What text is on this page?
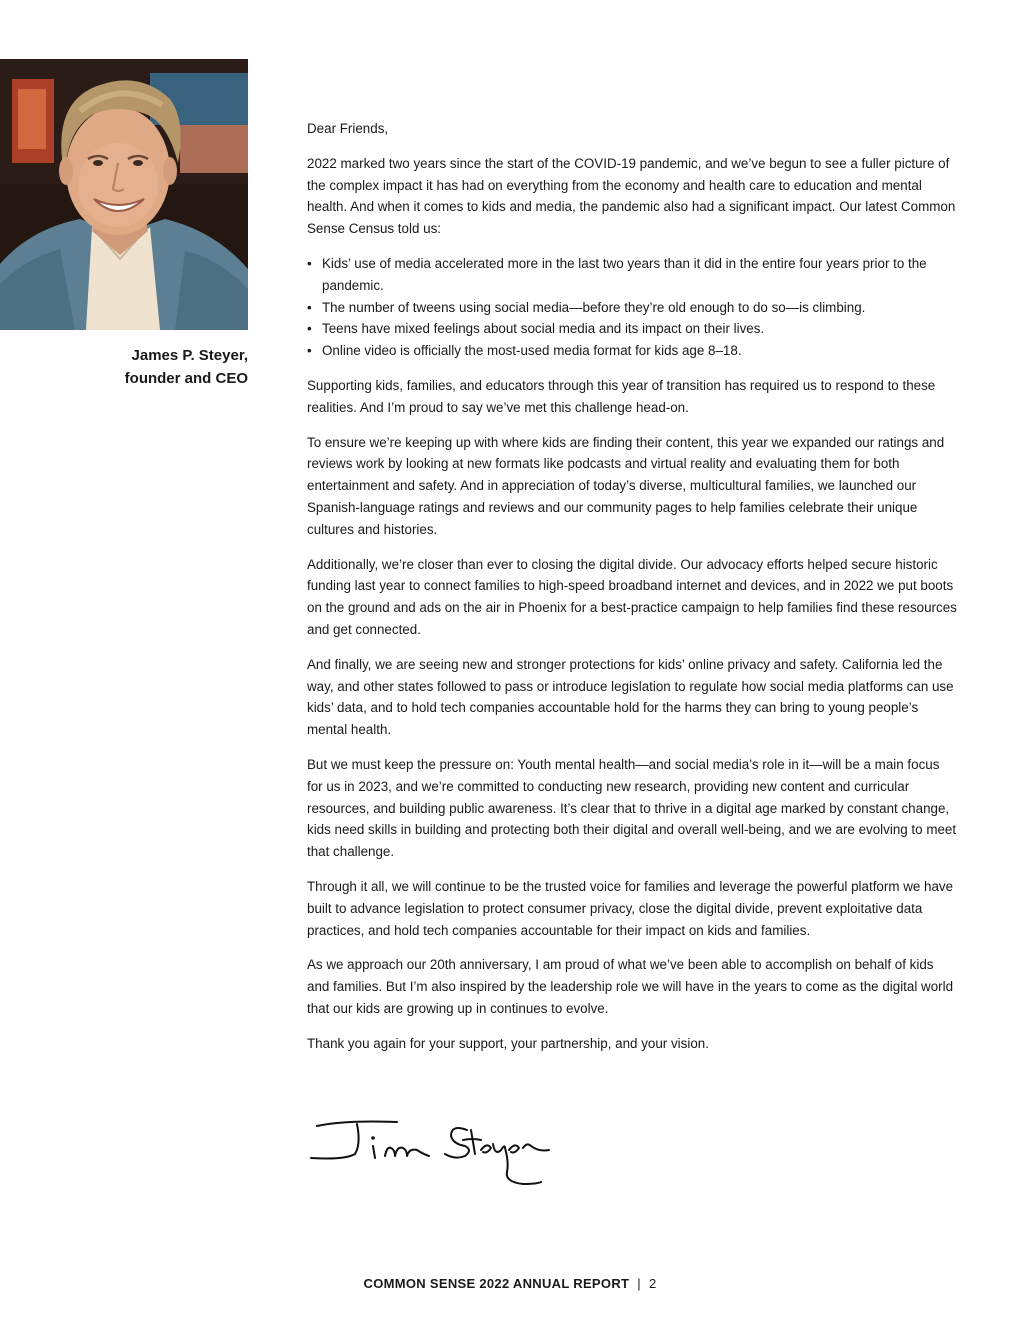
James P. Steyer,
founder and CEO

Dear Friends,

2022 marked two years since the start of the COVID-19 pandemic, and we’ve begun to see a fuller picture of the complex impact it has had on everything from the economy and health care to education and mental health. And when it comes to kids and media, the pandemic also had a significant impact. Our latest Common Sense Census told us:

• Kids’ use of media accelerated more in the last two years than it did in the entire four years prior to the pandemic.
• The number of tweens using social media—before they’re old enough to do so—is climbing.
• Teens have mixed feelings about social media and its impact on their lives.
• Online video is officially the most-used media format for kids age 8–18.

Supporting kids, families, and educators through this year of transition has required us to respond to these realities. And I’m proud to say we’ve met this challenge head-on.

To ensure we’re keeping up with where kids are finding their content, this year we expanded our ratings and reviews work by looking at new formats like podcasts and virtual reality and evaluating them for both entertainment and safety. And in appreciation of today’s diverse, multicultural families, we launched our Spanish-language ratings and reviews and our community pages to help families celebrate their unique cultures and histories.

Additionally, we’re closer than ever to closing the digital divide. Our advocacy efforts helped secure historic funding last year to connect families to high-speed broadband internet and devices, and in 2022 we put boots on the ground and ads on the air in Phoenix for a best-practice campaign to help families find these resources and get connected.

And finally, we are seeing new and stronger protections for kids’ online privacy and safety. California led the way, and other states followed to pass or introduce legislation to regulate how social media platforms can use kids’ data, and to hold tech companies accountable hold for the harms they can bring to young people’s mental health.

But we must keep the pressure on: Youth mental health—and social media’s role in it—will be a main focus for us in 2023, and we’re committed to conducting new research, providing new content and curricular resources, and building public awareness. It’s clear that to thrive in a digital age marked by constant change, kids need skills in building and protecting both their digital and overall well-being, and we are evolving to meet that challenge.

Through it all, we will continue to be the trusted voice for families and leverage the powerful platform we have built to advance legislation to protect consumer privacy, close the digital divide, prevent exploitative data practices, and hold tech companies accountable for their impact on kids and families.

As we approach our 20th anniversary, I am proud of what we’ve been able to accomplish on behalf of kids and families. But I’m also inspired by the leadership role we will have in the years to come as the digital world that our kids are growing up in continues to evolve.

Thank you again for your support, your partnership, and your vision.

COMMON SENSE 2022 ANNUAL REPORT | 2
